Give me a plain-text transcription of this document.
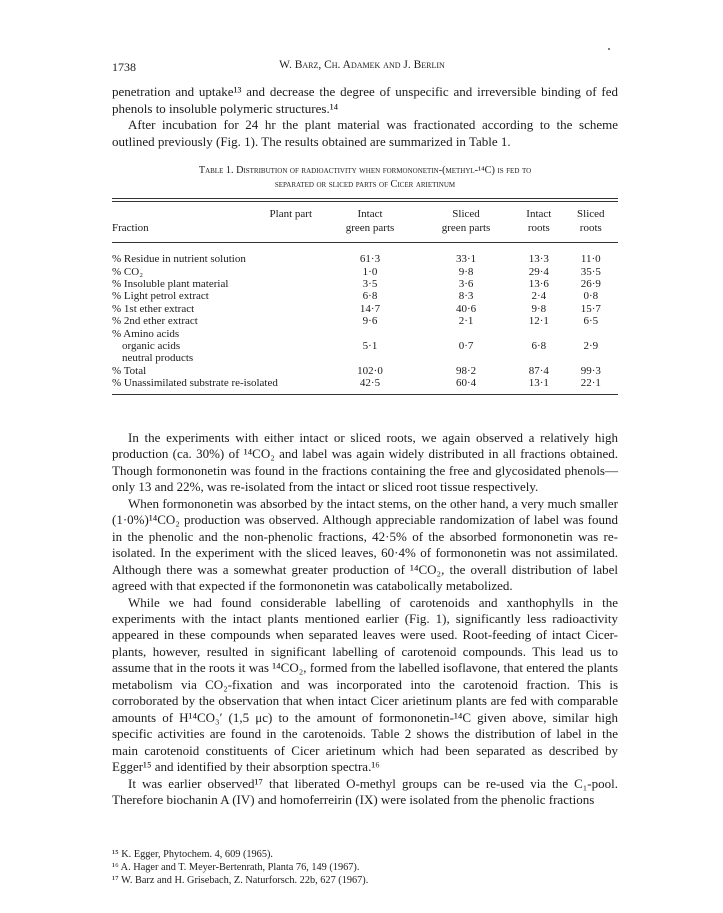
1738	W. Barz, Ch. Adamek and J. Berlin

penetration and uptake¹³ and decrease the degree of unspecific and irreversible binding of fed phenols to insoluble polymeric structures.¹⁴

After incubation for 24 hr the plant material was fractionated according to the scheme outlined previously (Fig. 1). The results obtained are summarized in Table 1.

Table 1. Distribution of radioactivity when formononetin-(methyl-¹⁴C) is fed to
separated or sliced parts of Cicer arietinum
Plant part	Intact	Sliced	Intact	Sliced
Fraction	green parts	green parts	roots	roots

% Residue in nutrient solution	61·3	33·1	13·3	11·0
% CO₂	1·0	9·8	29·4	35·5
% Insoluble plant material	3·5	3·6	13·6	26·9
% Light petrol extract	6·8	8·3	2·4	0·8
% 1st ether extract	14·7	40·6	9·8	15·7
% 2nd ether extract	9·6	2·1	12·1	6·5
% Amino acids				
organic acids	5·1	0·7	6·8	2·9
neutral products				
% Total	102·0	98·2	87·4	99·3
% Unassimilated substrate re-isolated	42·5	60·4	13·1	22·1

In the experiments with either intact or sliced roots, we again observed a relatively high production (ca. 30%) of ¹⁴CO₂ and label was again widely distributed in all fractions obtained. Though formononetin was found in the fractions containing the free and glycosidated phenols—only 13 and 22%, was re-isolated from the intact or sliced root tissue respectively.

When formononetin was absorbed by the intact stems, on the other hand, a very much smaller (1·0%)¹⁴CO₂ production was observed. Although appreciable randomization of label was found in the phenolic and the non-phenolic fractions, 42·5% of the absorbed formononetin was re-isolated. In the experiment with the sliced leaves, 60·4% of formononetin was not assimilated. Although there was a somewhat greater production of ¹⁴CO₂, the overall distribution of label agreed with that expected if the formononetin was catabolically metabolized.

While we had found considerable labelling of carotenoids and xanthophylls in the experiments with the intact plants mentioned earlier (Fig. 1), significantly less radioactivity appeared in these compounds when separated leaves were used. Root-feeding of intact Cicer-plants, however, resulted in significant labelling of carotenoid compounds. This lead us to assume that in the roots it was ¹⁴CO₂, formed from the labelled isoflavone, that entered the plants metabolism via CO₂-fixation and was incorporated into the carotenoid fraction. This is corroborated by the observation that when intact Cicer arietinum plants are fed with comparable amounts of H¹⁴CO₃′ (1,5 μc) to the amount of formononetin-¹⁴C given above, similar high specific activities are found in the carotenoids. Table 2 shows the distribution of label in the main carotenoid constituents of Cicer arietinum which had been separated as described by Egger¹⁵ and identified by their absorption spectra.¹⁶

It was earlier observed¹⁷ that liberated O-methyl groups can be re-used via the C₁-pool. Therefore biochanin A (IV) and homoferreirin (IX) were isolated from the phenolic fractions

¹⁵ K. Egger, Phytochem. 4, 609 (1965).
¹⁶ A. Hager and T. Meyer-Bertenrath, Planta 76, 149 (1967).
¹⁷ W. Barz and H. Grisebach, Z. Naturforsch. 22b, 627 (1967).
